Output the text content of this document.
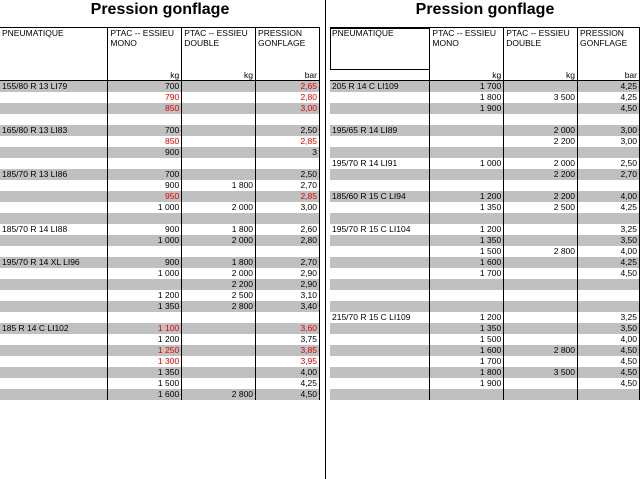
Pression gonflage
PNEUMATIQUE	PTAC -- ESSIEU MONO	PTAC -- ESSIEU DOUBLE	PRESSION GONFLAGE
	kg	kg	bar
155/80 R 13 LI79	700		2,65
	790		2,80
	850		3,00

165/80 R 13 LI83	700		2,50
	850		2,85
	900		3

185/70 R 13 LI86	700		2,50
	900	1 800	2,70
	950		2,85
	1 000	2 000	3,00

185/70 R 14 LI88	900	1 800	2,60
	1 000	2 000	2,80

195/70 R 14 XL LI96	900	1 800	2,70
	1 000	2 000	2,90
		2 200	2,90
	1 200	2 500	3,10
	1 350	2 800	3,40

185 R 14 C LI102	1 100		3,60
	1 200		3,75
	1 250		3,85
	1 300		3,95
	1 350		4,00
	1 500		4,25
	1 600	2 800	4,50
Pression gonflage
PNEUMATIQUE	PTAC -- ESSIEU MONO	PTAC -- ESSIEU DOUBLE	PRESSION GONFLAGE
	kg	kg	bar
205 R 14 C LI109	1 700		4,25
	1 800	3 500	4,25
	1 900		4,50

195/65 R 14 LI89		2 000	3,00
		2 200	3,00

195/70 R 14 LI91	1 000	2 000	2,50
		2 200	2,70

185/60 R 15 C LI94	1 200	2 200	4,00
	1 350	2 500	4,25

195/70 R 15 C LI104	1 200		3,25
	1 350		3,50
	1 500	2 800	4,00
	1 600		4,25
	1 700		4,50

215/70 R 15 C LI109	1 200		3,25
	1 350		3,50
	1 500		4,00
	1 600	2 800	4,50
	1 700		4,50
	1 800	3 500	4,50
	1 900		4,50
